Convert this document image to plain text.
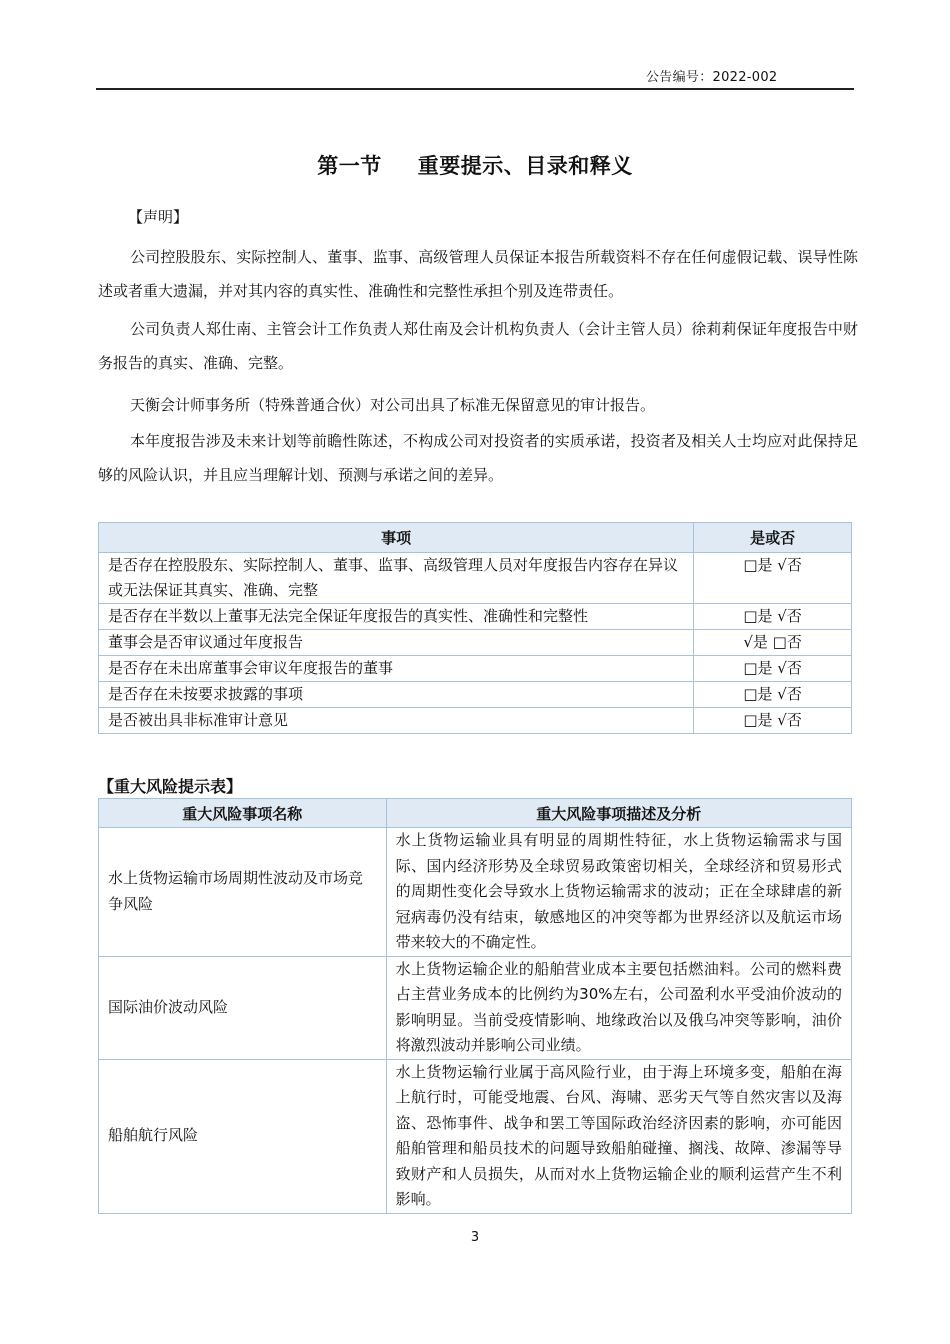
公告编号：2022-002
第一节 重要提示、目录和释义
【声明】

公司控股股东、实际控制人、董事、监事、高级管理人员保证本报告所载资料不存在任何虚假记载、误导性陈述或者重大遗漏，并对其内容的真实性、准确性和完整性承担个别及连带责任。

公司负责人郑仕南、主管会计工作负责人郑仕南及会计机构负责人（会计主管人员）徐莉莉保证年度报告中财务报告的真实、准确、完整。

天衡会计师事务所（特殊普通合伙）对公司出具了标准无保留意见的审计报告。

本年度报告涉及未来计划等前瞻性陈述，不构成公司对投资者的实质承诺，投资者及相关人士均应对此保持足够的风险认识，并且应当理解计划、预测与承诺之间的差异。

事项	是或否
是否存在控股股东、实际控制人、董事、监事、高级管理人员对年度报告内容存在异议或无法保证其真实、准确、完整	□是 √否
是否存在半数以上董事无法完全保证年度报告的真实性、准确性和完整性	□是 √否
董事会是否审议通过年度报告	√是 □否
是否存在未出席董事会审议年度报告的董事	□是 √否
是否存在未按要求披露的事项	□是 √否
是否被出具非标准审计意见	□是 √否
【重大风险提示表】
重大风险事项名称	重大风险事项描述及分析
水上货物运输市场周期性波动及市场竞争风险	水上货物运输业具有明显的周期性特征，水上货物运输需求与国际、国内经济形势及全球贸易政策密切相关，全球经济和贸易形式的周期性变化会导致水上货物运输需求的波动；正在全球肆虐的新冠病毒仍没有结束，敏感地区的冲突等都为世界经济以及航运市场带来较大的不确定性。
国际油价波动风险	水上货物运输企业的船舶营业成本主要包括燃油料。公司的燃料费占主营业务成本的比例约为30%左右，公司盈利水平受油价波动的影响明显。当前受疫情影响、地缘政治以及俄乌冲突等影响，油价将激烈波动并影响公司业绩。
船舶航行风险	水上货物运输行业属于高风险行业，由于海上环境多变，船舶在海上航行时，可能受地震、台风、海啸、恶劣天气等自然灾害以及海盗、恐怖事件、战争和罢工等国际政治经济因素的影响，亦可能因船舶管理和船员技术的问题导致船舶碰撞、搁浅、故障、渗漏等导致财产和人员损失，从而对水上货物运输企业的顺利运营产生不利影响。
3
